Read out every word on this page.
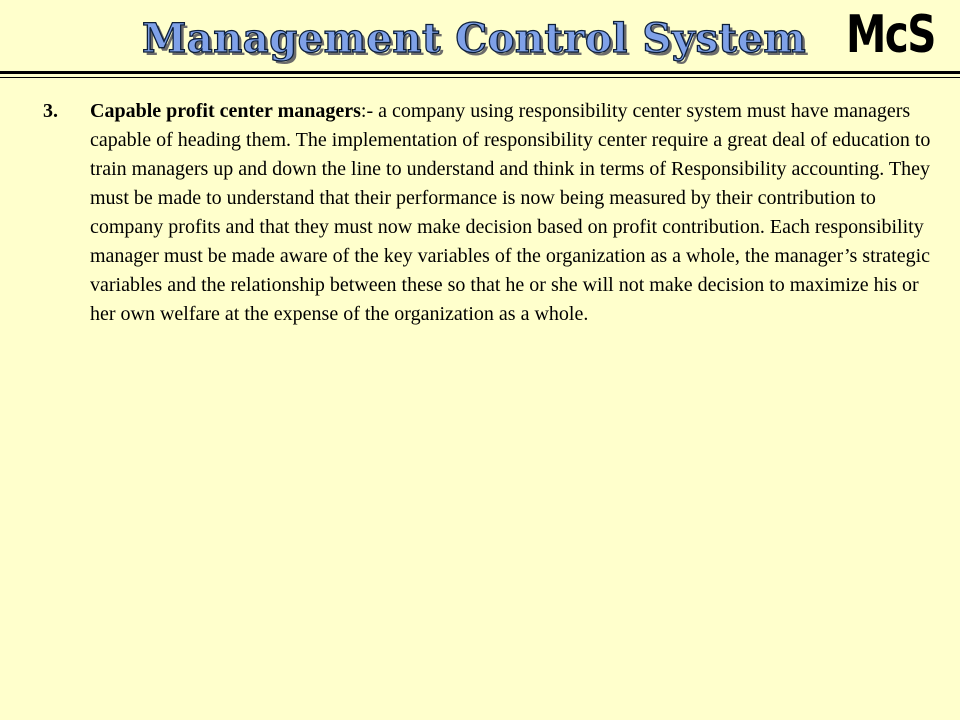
Management Control System McS
3.	Capable profit center managers:- a company using responsibility center system must have managers capable of heading them. The implementation of responsibility center require a great deal of education to train managers up and down the line to understand and think in terms of Responsibility accounting. They must be made to understand that their performance is now being measured by their contribution to company profits and that they must now make decision based on profit contribution. Each responsibility manager must be made aware of the key variables of the organization as a whole, the manager’s strategic variables and the relationship between these so that he or she will not make decision to maximize his or her own welfare at the expense of the organization as a whole.
